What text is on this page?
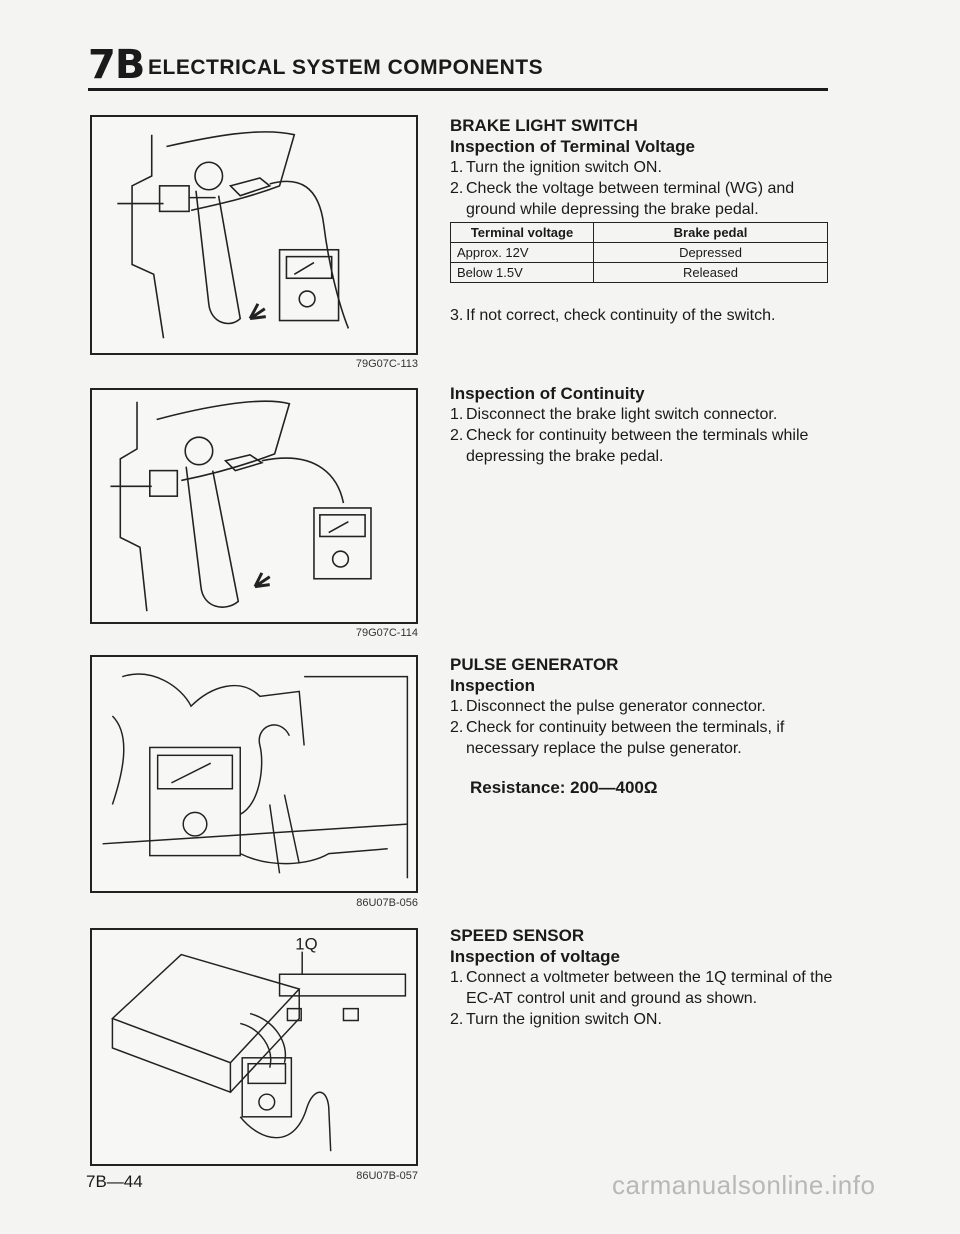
7B ELECTRICAL SYSTEM COMPONENTS
79G07C-113
79G07C-114
86U07B-056
1Q
86U07B-057
BRAKE LIGHT SWITCH
Inspection of Terminal Voltage
1. Turn the ignition switch ON.
2. Check the voltage between terminal (WG) and ground while depressing the brake pedal.
Terminal voltage	Brake pedal
Approx. 12V	Depressed
Below 1.5V	Released
3. If not correct, check continuity of the switch.
Inspection of Continuity
1. Disconnect the brake light switch connector.
2. Check for continuity between the terminals while depressing the brake pedal.
PULSE GENERATOR
Inspection
1. Disconnect the pulse generator connector.
2. Check for continuity between the terminals, if necessary replace the pulse generator.
Resistance: 200—400Ω
SPEED SENSOR
Inspection of voltage
1. Connect a voltmeter between the 1Q terminal of the EC-AT control unit and ground as shown.
2. Turn the ignition switch ON.
7B—44	carmanualsonline.info
